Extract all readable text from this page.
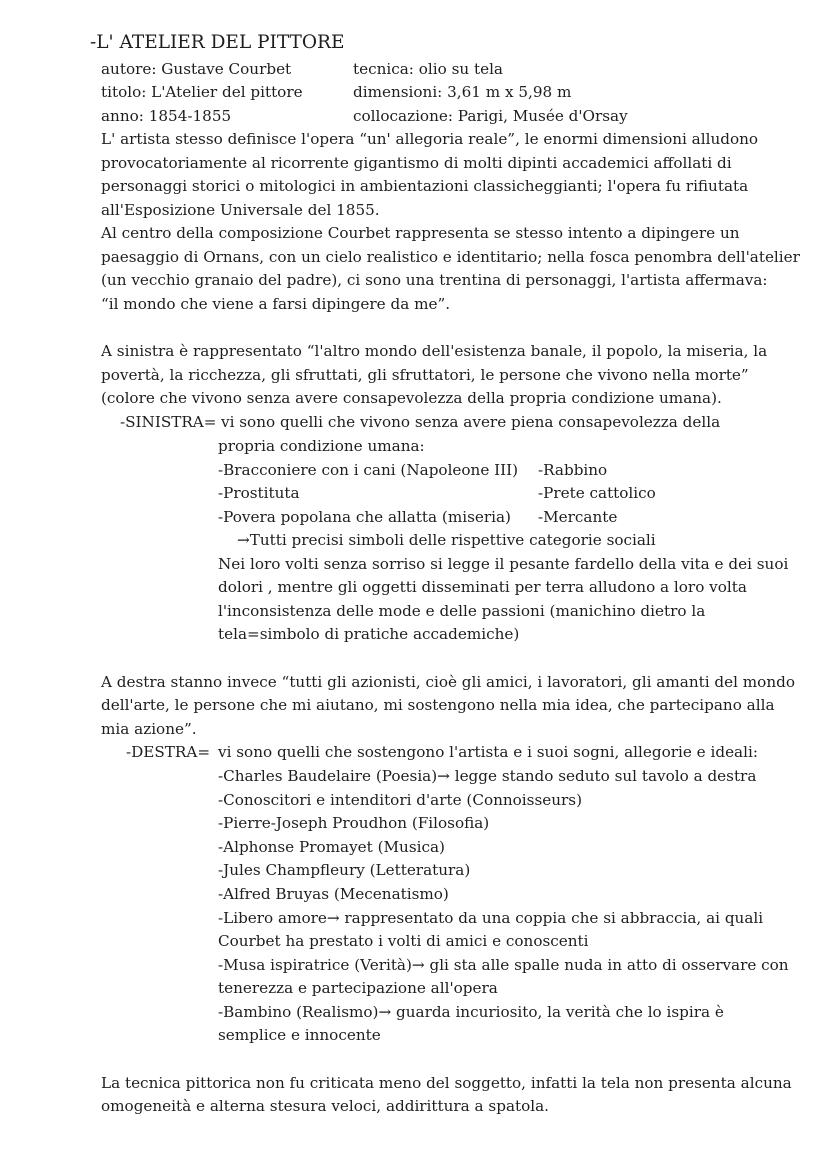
-L' ATELIER DEL PITTORE
autore: Gustave Courbet	tecnica: olio su tela
titolo: L'Atelier del pittore	dimensioni: 3,61 m x 5,98 m
anno: 1854-1855	collocazione: Parigi, Musée d'Orsay
L' artista stesso definisce l'opera “un' allegoria reale”, le enormi dimensioni alludono
provocatoriamente al ricorrente gigantismo di molti dipinti accademici affollati di
personaggi storici o mitologici in ambientazioni classicheggianti; l'opera fu rifiutata
all'Esposizione Universale del 1855.
Al centro della composizione Courbet rappresenta se stesso intento a dipingere un
paesaggio di Ornans, con un cielo realistico e identitario; nella fosca penombra dell'atelier
(un vecchio granaio del padre), ci sono una trentina di personaggi, l'artista affermava:
“il mondo che viene a farsi dipingere da me”.
A sinistra è rappresentato “l'altro mondo dell'esistenza banale, il popolo, la miseria, la
povertà, la ricchezza, gli sfruttati, gli sfruttatori, le persone che vivono nella morte”
(colore che vivono senza avere consapevolezza della propria condizione umana).
-SINISTRA= vi sono quelli che vivono senza avere piena consapevolezza della
propria condizione umana:
-Bracconiere con i cani (Napoleone III) -Rabbino
-Prostituta	-Prete cattolico
-Povera popolana che allatta (miseria) -Mercante
→Tutti precisi simboli delle rispettive categorie sociali
Nei loro volti senza sorriso si legge il pesante fardello della vita e dei suoi
dolori , mentre gli oggetti disseminati per terra alludono a loro volta
l'inconsistenza delle mode e delle passioni (manichino dietro la
tela=simbolo di pratiche accademiche)
A destra stanno invece “tutti gli azionisti, cioè gli amici, i lavoratori, gli amanti del mondo
dell'arte, le persone che mi aiutano, mi sostengono nella mia idea, che partecipano alla
mia azione”.
-DESTRA= vi sono quelli che sostengono l'artista e i suoi sogni, allegorie e ideali:
-Charles Baudelaire (Poesia)→ legge stando seduto sul tavolo a destra
-Conoscitori e intenditori d'arte (Connoisseurs)
-Pierre-Joseph Proudhon (Filosofia)
-Alphonse Promayet (Musica)
-Jules Champfleury (Letteratura)
-Alfred Bruyas (Mecenatismo)
-Libero amore→ rappresentato da una coppia che si abbraccia, ai quali
Courbet ha prestato i volti di amici e conoscenti
-Musa ispiratrice (Verità)→ gli sta alle spalle nuda in atto di osservare con
tenerezza e partecipazione all'opera
-Bambino (Realismo)→ guarda incuriosito, la verità che lo ispira è
semplice e innocente
La tecnica pittorica non fu criticata meno del soggetto, infatti la tela non presenta alcuna
omogeneità e alterna stesura veloci, addirittura a spatola.
